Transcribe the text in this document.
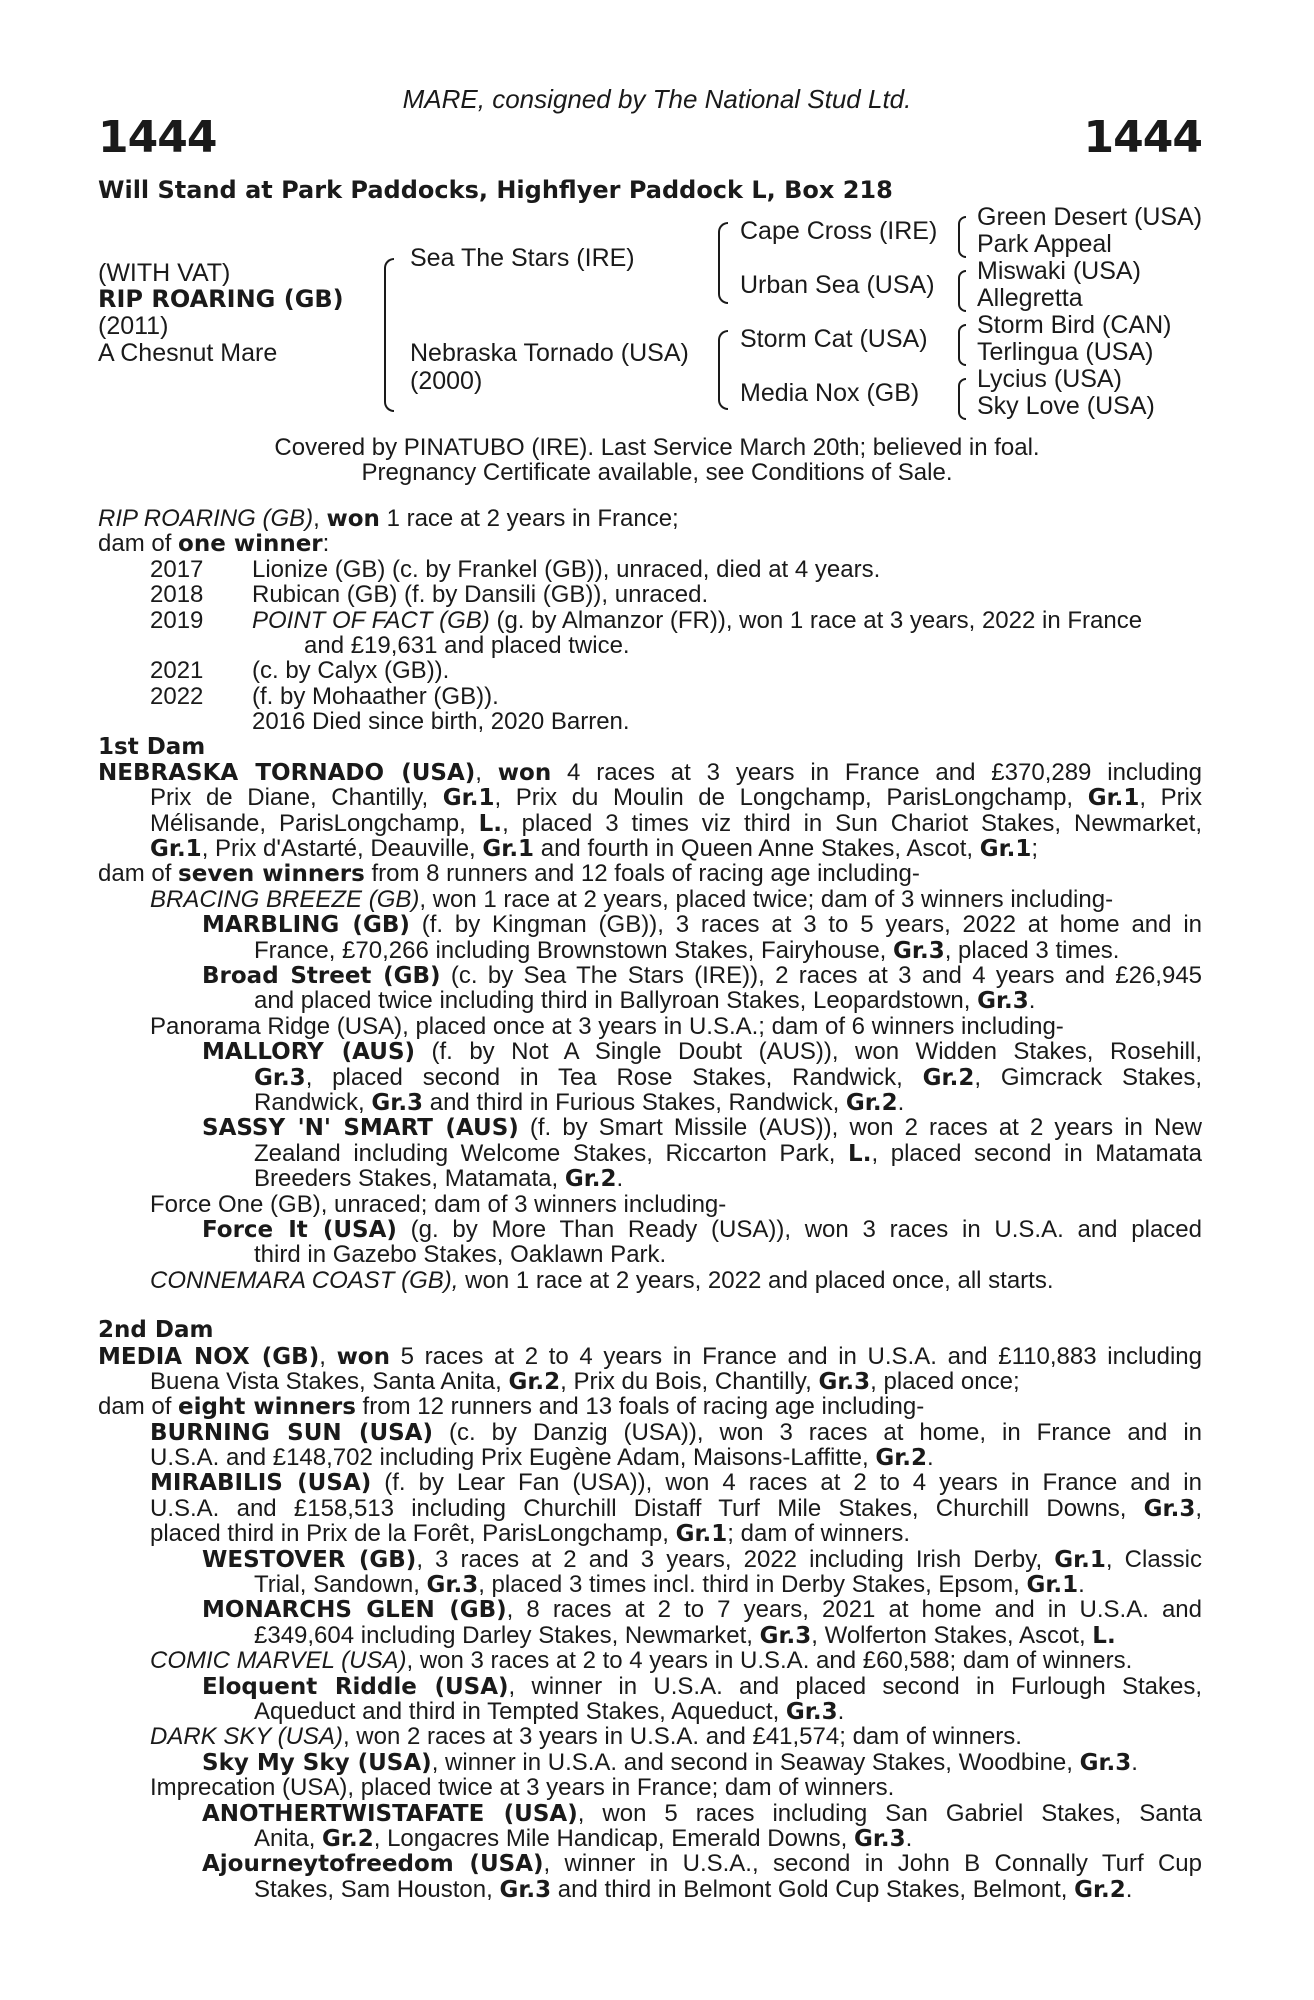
MARE, consigned by The National Stud Ltd.
1444	1444
Will Stand at Park Paddocks, Highflyer Paddock L, Box 218
(WITH VAT)
RIP ROARING (GB)
(2011)
A Chesnut Mare
Sea The Stars (IRE)
Nebraska Tornado (USA)
(2000)
Cape Cross (IRE)
Urban Sea (USA)
Storm Cat (USA)
Media Nox (GB)
Green Desert (USA)
Park Appeal
Miswaki (USA)
Allegretta
Storm Bird (CAN)
Terlingua (USA)
Lycius (USA)
Sky Love (USA)
Covered by PINATUBO (IRE). Last Service March 20th; believed in foal.
Pregnancy Certificate available, see Conditions of Sale.
RIP ROARING (GB), won 1 race at 2 years in France;
dam of one winner:
2017 Lionize (GB) (c. by Frankel (GB)), unraced, died at 4 years.
2018 Rubican (GB) (f. by Dansili (GB)), unraced.
2019 POINT OF FACT (GB) (g. by Almanzor (FR)), won 1 race at 3 years, 2022 in France
and £19,631 and placed twice.
2021 (c. by Calyx (GB)).
2022 (f. by Mohaather (GB)).
2016 Died since birth, 2020 Barren.
1st Dam
NEBRASKA TORNADO (USA), won 4 races at 3 years in France and £370,289 including
Prix de Diane, Chantilly, Gr.1, Prix du Moulin de Longchamp, ParisLongchamp, Gr.1, Prix
Mélisande, ParisLongchamp, L., placed 3 times viz third in Sun Chariot Stakes, Newmarket,
Gr.1, Prix d'Astarté, Deauville, Gr.1 and fourth in Queen Anne Stakes, Ascot, Gr.1;
dam of seven winners from 8 runners and 12 foals of racing age including-
BRACING BREEZE (GB), won 1 race at 2 years, placed twice; dam of 3 winners including-
MARBLING (GB) (f. by Kingman (GB)), 3 races at 3 to 5 years, 2022 at home and in
France, £70,266 including Brownstown Stakes, Fairyhouse, Gr.3, placed 3 times.
Broad Street (GB) (c. by Sea The Stars (IRE)), 2 races at 3 and 4 years and £26,945
and placed twice including third in Ballyroan Stakes, Leopardstown, Gr.3.
Panorama Ridge (USA), placed once at 3 years in U.S.A.; dam of 6 winners including-
MALLORY (AUS) (f. by Not A Single Doubt (AUS)), won Widden Stakes, Rosehill,
Gr.3, placed second in Tea Rose Stakes, Randwick, Gr.2, Gimcrack Stakes,
Randwick, Gr.3 and third in Furious Stakes, Randwick, Gr.2.
SASSY 'N' SMART (AUS) (f. by Smart Missile (AUS)), won 2 races at 2 years in New
Zealand including Welcome Stakes, Riccarton Park, L., placed second in Matamata
Breeders Stakes, Matamata, Gr.2.
Force One (GB), unraced; dam of 3 winners including-
Force It (USA) (g. by More Than Ready (USA)), won 3 races in U.S.A. and placed
third in Gazebo Stakes, Oaklawn Park.
CONNEMARA COAST (GB), won 1 race at 2 years, 2022 and placed once, all starts.
2nd Dam
MEDIA NOX (GB), won 5 races at 2 to 4 years in France and in U.S.A. and £110,883 including
Buena Vista Stakes, Santa Anita, Gr.2, Prix du Bois, Chantilly, Gr.3, placed once;
dam of eight winners from 12 runners and 13 foals of racing age including-
BURNING SUN (USA) (c. by Danzig (USA)), won 3 races at home, in France and in
U.S.A. and £148,702 including Prix Eugène Adam, Maisons-Laffitte, Gr.2.
MIRABILIS (USA) (f. by Lear Fan (USA)), won 4 races at 2 to 4 years in France and in
U.S.A. and £158,513 including Churchill Distaff Turf Mile Stakes, Churchill Downs, Gr.3,
placed third in Prix de la Forêt, ParisLongchamp, Gr.1; dam of winners.
WESTOVER (GB), 3 races at 2 and 3 years, 2022 including Irish Derby, Gr.1, Classic
Trial, Sandown, Gr.3, placed 3 times incl. third in Derby Stakes, Epsom, Gr.1.
MONARCHS GLEN (GB), 8 races at 2 to 7 years, 2021 at home and in U.S.A. and
£349,604 including Darley Stakes, Newmarket, Gr.3, Wolferton Stakes, Ascot, L.
COMIC MARVEL (USA), won 3 races at 2 to 4 years in U.S.A. and £60,588; dam of winners.
Eloquent Riddle (USA), winner in U.S.A. and placed second in Furlough Stakes,
Aqueduct and third in Tempted Stakes, Aqueduct, Gr.3.
DARK SKY (USA), won 2 races at 3 years in U.S.A. and £41,574; dam of winners.
Sky My Sky (USA), winner in U.S.A. and second in Seaway Stakes, Woodbine, Gr.3.
Imprecation (USA), placed twice at 3 years in France; dam of winners.
ANOTHERTWISTAFATE (USA), won 5 races including San Gabriel Stakes, Santa
Anita, Gr.2, Longacres Mile Handicap, Emerald Downs, Gr.3.
Ajourneytofreedom (USA), winner in U.S.A., second in John B Connally Turf Cup
Stakes, Sam Houston, Gr.3 and third in Belmont Gold Cup Stakes, Belmont, Gr.2.
